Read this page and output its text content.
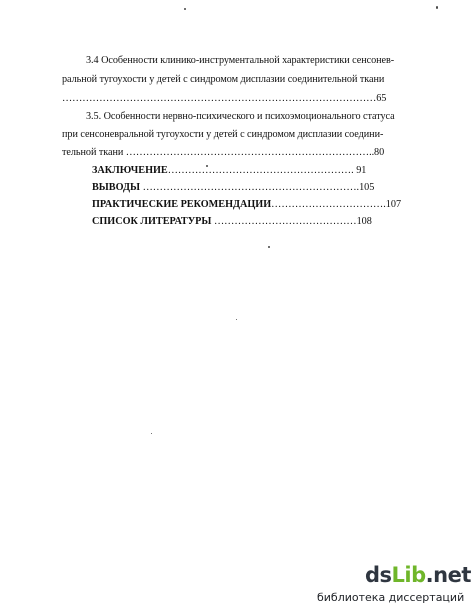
3.4 Особенности клинико-инструментальной характеристики сенсонев-
ральной тугоухости у детей с синдромом дисплазии соединительной ткани
…………………………………………………………………………………65
3.5. Особенности нервно-психического и психоэмоционального статуса
при сенсоневральной тугоухости у детей с синдромом дисплазии соедини-
тельной ткани ………………………………………………………………..80
ЗАКЛЮЧЕНИЕ………………………………………………. 91
ВЫВОДЫ ……………………………………………………….105
ПРАКТИЧЕСКИЕ РЕКОМЕНДАЦИИ…………………………….107
СПИСОК ЛИТЕРАТУРЫ ……………………………………108
dsLib.net
библиотека диссертаций
